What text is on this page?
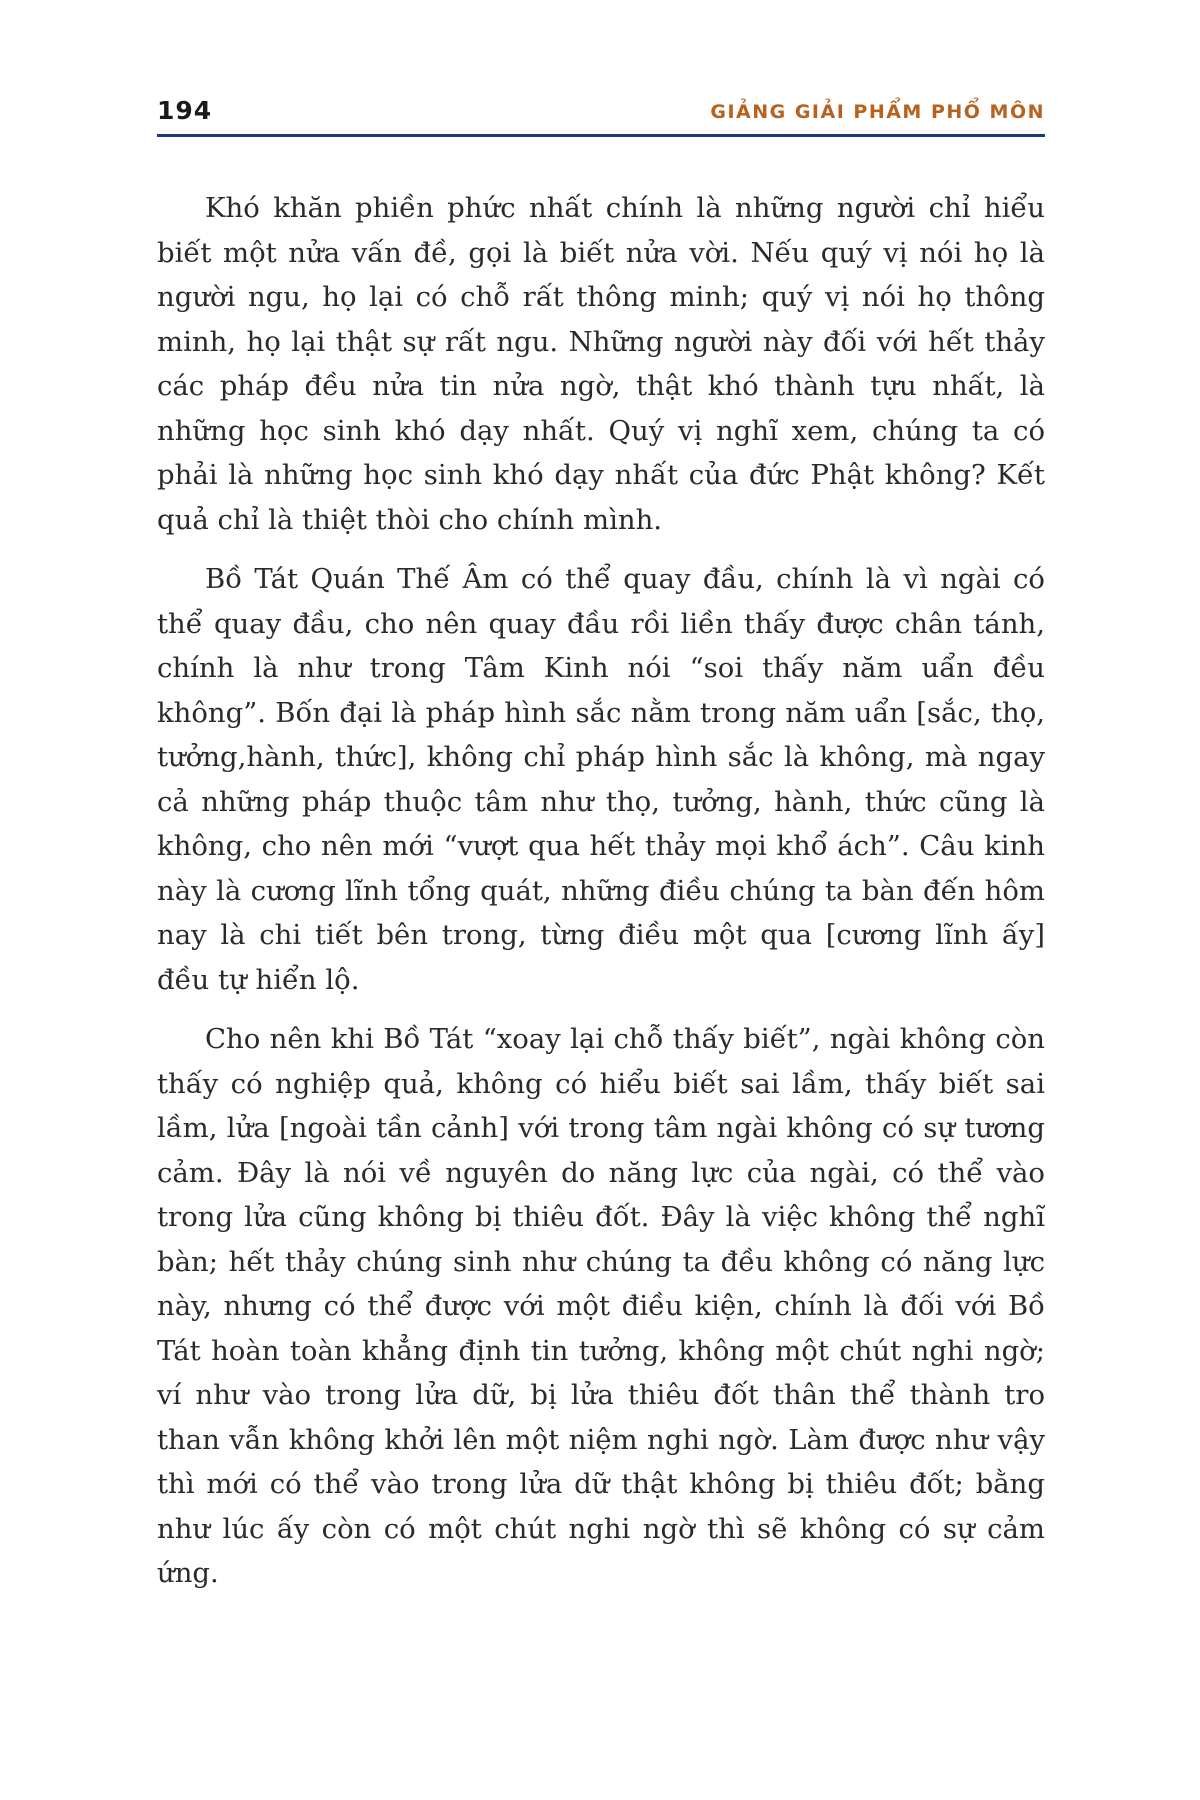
194	GIẢNG GIẢI PHẨM PHỔ MÔN

Khó khăn phiền phức nhất chính là những người chỉ hiểu biết một nửa vấn đề, gọi là biết nửa vời. Nếu quý vị nói họ là người ngu, họ lại có chỗ rất thông minh; quý vị nói họ thông minh, họ lại thật sự rất ngu. Những người này đối với hết thảy các pháp đều nửa tin nửa ngờ, thật khó thành tựu nhất, là những học sinh khó dạy nhất. Quý vị nghĩ xem, chúng ta có phải là những học sinh khó dạy nhất của đức Phật không? Kết quả chỉ là thiệt thòi cho chính mình.

Bồ Tát Quán Thế Âm có thể quay đầu, chính là vì ngài có thể quay đầu, cho nên quay đầu rồi liền thấy được chân tánh, chính là như trong Tâm Kinh nói “soi thấy năm uẩn đều không”. Bốn đại là pháp hình sắc nằm trong năm uẩn [sắc, thọ, tưởng,hành, thức], không chỉ pháp hình sắc là không, mà ngay cả những pháp thuộc tâm như thọ, tưởng, hành, thức cũng là không, cho nên mới “vượt qua hết thảy mọi khổ ách”. Câu kinh này là cương lĩnh tổng quát, những điều chúng ta bàn đến hôm nay là chi tiết bên trong, từng điều một qua [cương lĩnh ấy] đều tự hiển lộ.

Cho nên khi Bồ Tát “xoay lại chỗ thấy biết”, ngài không còn thấy có nghiệp quả, không có hiểu biết sai lầm, thấy biết sai lầm, lửa [ngoài tần cảnh] với trong tâm ngài không có sự tương cảm. Đây là nói về nguyên do năng lực của ngài, có thể vào trong lửa cũng không bị thiêu đốt. Đây là việc không thể nghĩ bàn; hết thảy chúng sinh như chúng ta đều không có năng lực này, nhưng có thể được với một điều kiện, chính là đối với Bồ Tát hoàn toàn khẳng định tin tưởng, không một chút nghi ngờ; ví như vào trong lửa dữ, bị lửa thiêu đốt thân thể thành tro than vẫn không khởi lên một niệm nghi ngờ. Làm được như vậy thì mới có thể vào trong lửa dữ thật không bị thiêu đốt; bằng như lúc ấy còn có một chút nghi ngờ thì sẽ không có sự cảm ứng.
